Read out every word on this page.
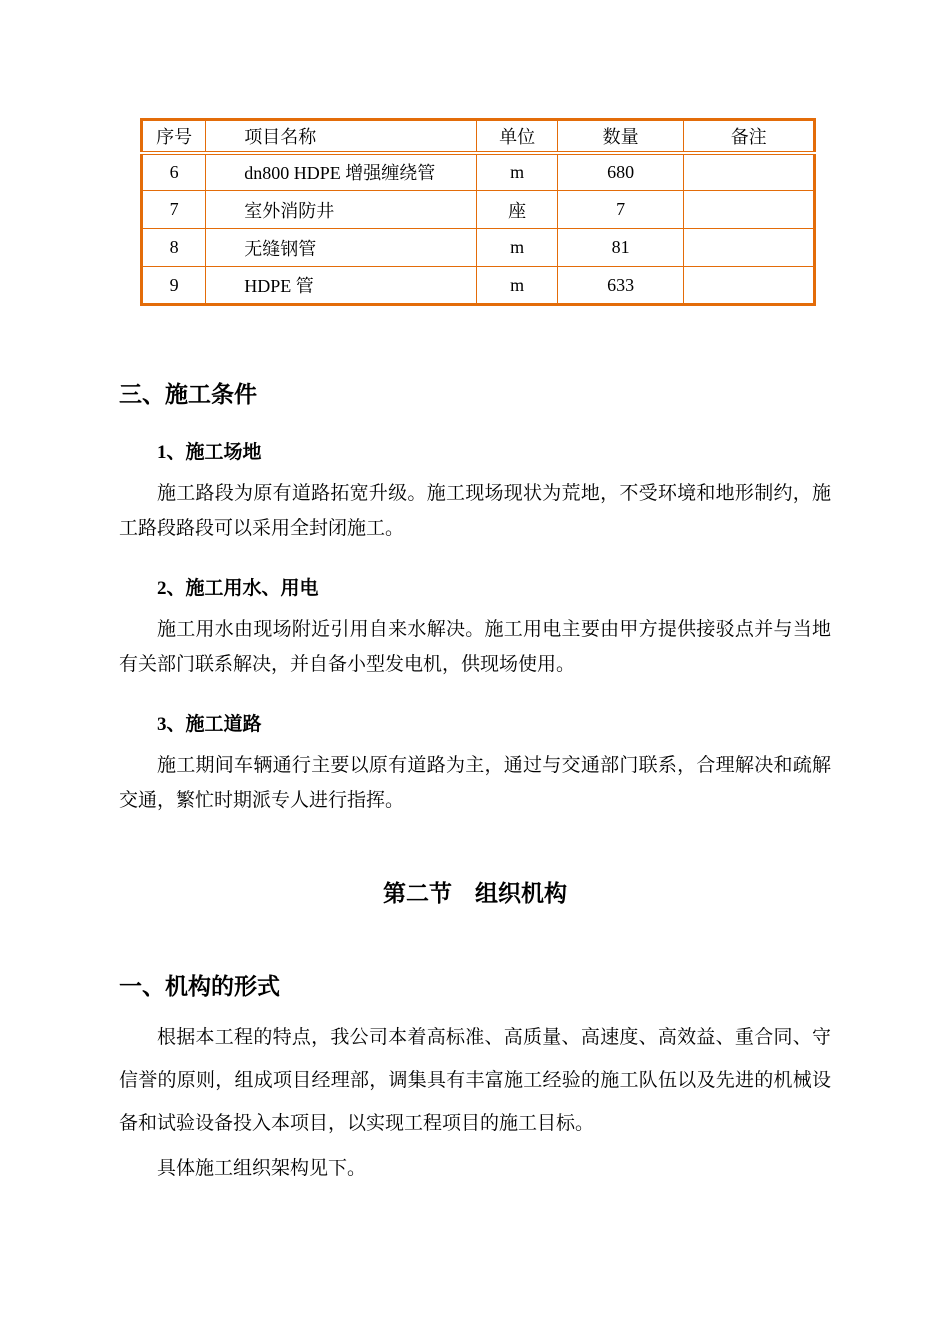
序号	项目名称	单位	数量	备注
6	dn800 HDPE 增强缠绕管	m	680	
7	室外消防井	座	7	
8	无缝钢管	m	81	
9	HDPE 管	m	633	
三、施工条件
1、施工场地

施工路段为原有道路拓宽升级。施工现场现状为荒地，不受环境和地形制约，施工路段路段可以采用全封闭施工。

2、施工用水、用电

施工用水由现场附近引用自来水解决。施工用电主要由甲方提供接驳点并与当地有关部门联系解决，并自备小型发电机，供现场使用。

3、施工道路

施工期间车辆通行主要以原有道路为主，通过与交通部门联系，合理解决和疏解交通，繁忙时期派专人进行指挥。

第二节　组织机构
一、机构的形式

根据本工程的特点，我公司本着高标准、高质量、高速度、高效益、重合同、守信誉的原则，组成项目经理部，调集具有丰富施工经验的施工队伍以及先进的机械设备和试验设备投入本项目，以实现工程项目的施工目标。

具体施工组织架构见下。
